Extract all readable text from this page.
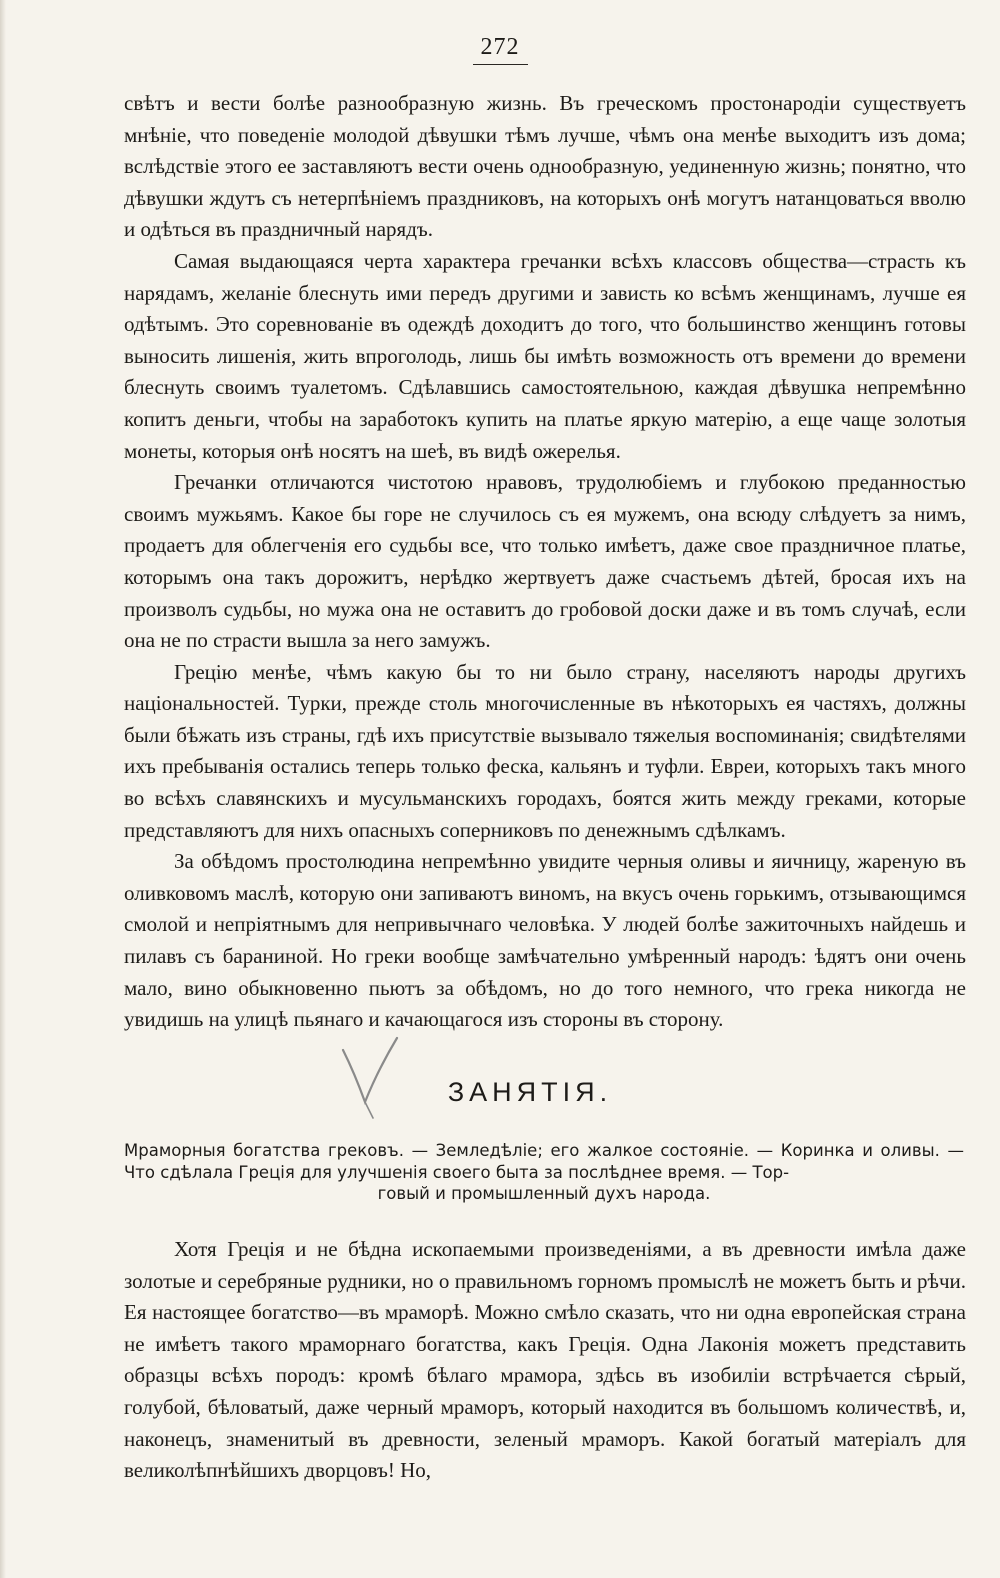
272

свѣтъ и вести болѣе разнообразную жизнь. Въ греческомъ простонародіи существуетъ мнѣніе, что поведеніе молодой дѣвушки тѣмъ лучше, чѣмъ она менѣе выходитъ изъ дома; вслѣдствіе этого ее заставляютъ вести очень однообразную, уединенную жизнь; понятно, что дѣвушки ждутъ съ нетерпѣніемъ праздниковъ, на которыхъ онѣ могутъ натанцоваться вволю и одѣться въ праздничный нарядъ.

Самая выдающаяся черта характера гречанки всѣхъ классовъ общества—страсть къ нарядамъ, желаніе блеснуть ими передъ другими и зависть ко всѣмъ женщинамъ, лучше ея одѣтымъ. Это соревнованіе въ одеждѣ доходитъ до того, что большинство женщинъ готовы выносить лишенія, жить впроголодь, лишь бы имѣть возможность отъ времени до времени блеснуть своимъ туалетомъ. Сдѣлавшись самостоятельною, каждая дѣвушка непремѣнно копитъ деньги, чтобы на заработокъ купить на платье яркую матерію, а еще чаще золотыя монеты, которыя онѣ носятъ на шеѣ, въ видѣ ожерелья.

Гречанки отличаются чистотою нравовъ, трудолюбіемъ и глубокою преданностью своимъ мужьямъ. Какое бы горе не случилось съ ея мужемъ, она всюду слѣдуетъ за нимъ, продаетъ для облегченія его судьбы все, что только имѣетъ, даже свое праздничное платье, которымъ она такъ дорожитъ, нерѣдко жертвуетъ даже счастьемъ дѣтей, бросая ихъ на произволъ судьбы, но мужа она не оставитъ до гробовой доски даже и въ томъ случаѣ, если она не по страсти вышла за него замужъ.

Грецію менѣе, чѣмъ какую бы то ни было страну, населяютъ народы другихъ національностей. Турки, прежде столь многочисленные въ нѣкоторыхъ ея частяхъ, должны были бѣжать изъ страны, гдѣ ихъ присутствіе вызывало тяжелыя воспоминанія; свидѣтелями ихъ пребыванія остались теперь только феска, кальянъ и туфли. Евреи, которыхъ такъ много во всѣхъ славянскихъ и мусульманскихъ городахъ, боятся жить между греками, которые представляютъ для нихъ опасныхъ соперниковъ по денежнымъ сдѣлкамъ.

За обѣдомъ простолюдина непремѣнно увидите черныя оливы и яичницу, жареную въ оливковомъ маслѣ, которую они запиваютъ виномъ, на вкусъ очень горькимъ, отзывающимся смолой и непріятнымъ для непривычнаго человѣка. У людей болѣе зажиточныхъ найдешь и пилавъ съ бараниной. Но греки вообще замѣчательно умѣренный народъ: ѣдятъ они очень мало, вино обыкновенно пьютъ за обѣдомъ, но до того немного, что грека никогда не увидишь на улицѣ пьянаго и качающагося изъ стороны въ сторону.

ЗАНЯТІЯ.
Мраморныя богатства грековъ. — Земледѣліе; его жалкое состояніе. — Коринка и оливы. — Что сдѣлала Греція для улучшенія своего быта за послѣднее время. — Тор-
говый и промышленный духъ народа.

Хотя Греція и не бѣдна ископаемыми произведеніями, а въ древности имѣла даже золотые и серебряные рудники, но о правильномъ горномъ промыслѣ не можетъ быть и рѣчи. Ея настоящее богатство—въ мраморѣ. Можно смѣло сказать, что ни одна европейская страна не имѣетъ такого мраморнаго богатства, какъ Греція. Одна Лаконія можетъ представить образцы всѣхъ породъ: кромѣ бѣлаго мрамора, здѣсь въ изобиліи встрѣчается сѣрый, голубой, бѣловатый, даже черный мраморъ, который находится въ большомъ количествѣ, и, наконецъ, знаменитый въ древности, зеленый мраморъ. Какой богатый матеріалъ для великолѣпнѣйшихъ дворцовъ! Но,
